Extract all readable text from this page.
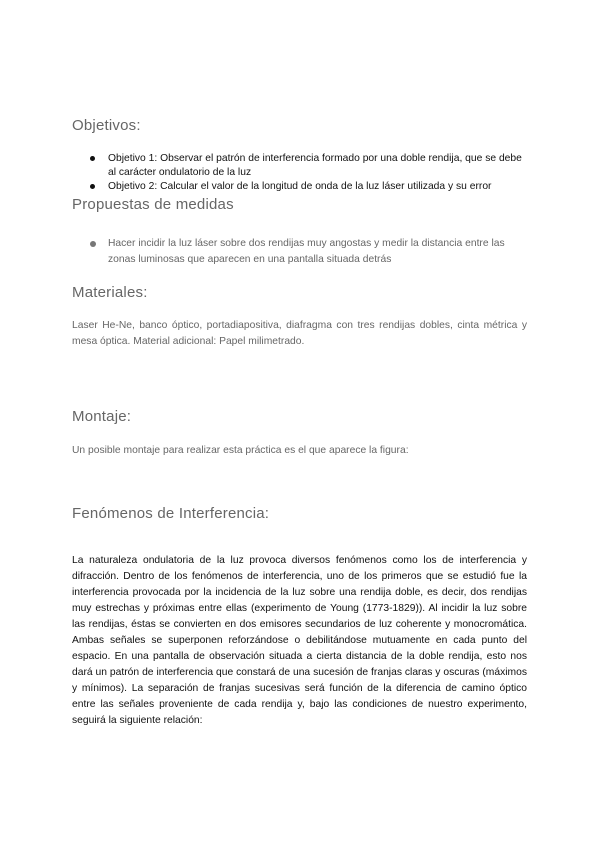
Objetivos:
Objetivo 1: Observar el patrón de interferencia formado por una doble rendija, que se debe al carácter ondulatorio de la luz
Objetivo 2: Calcular el valor de la longitud de onda de la luz láser utilizada y su error
Propuestas de medidas
Hacer incidir la luz láser sobre dos rendijas muy angostas y medir la distancia entre las zonas luminosas que aparecen en una pantalla situada detrás
Materiales:

Laser He-Ne, banco óptico, portadiapositiva, diafragma con tres rendijas dobles, cinta métrica y mesa óptica. Material adicional: Papel milimetrado.

Montaje:

Un posible montaje para realizar esta práctica es el que aparece la figura:

Fenómenos de Interferencia:

La naturaleza ondulatoria de la luz provoca diversos fenómenos como los de interferencia y difracción. Dentro de los fenómenos de interferencia, uno de los primeros que se estudió fue la interferencia provocada por la incidencia de la luz sobre una rendija doble, es decir, dos rendijas muy estrechas y próximas entre ellas (experimento de Young (1773-1829)). Al incidir la luz sobre las rendijas, éstas se convierten en dos emisores secundarios de luz coherente y monocromática. Ambas señales se superponen reforzándose o debilitándose mutuamente en cada punto del espacio. En una pantalla de observación situada a cierta distancia de la doble rendija, esto nos dará un patrón de interferencia que constará de una sucesión de franjas claras y oscuras (máximos y mínimos). La separación de franjas sucesivas será función de la diferencia de camino óptico entre las señales proveniente de cada rendija y, bajo las condiciones de nuestro experimento, seguirá la siguiente relación:
